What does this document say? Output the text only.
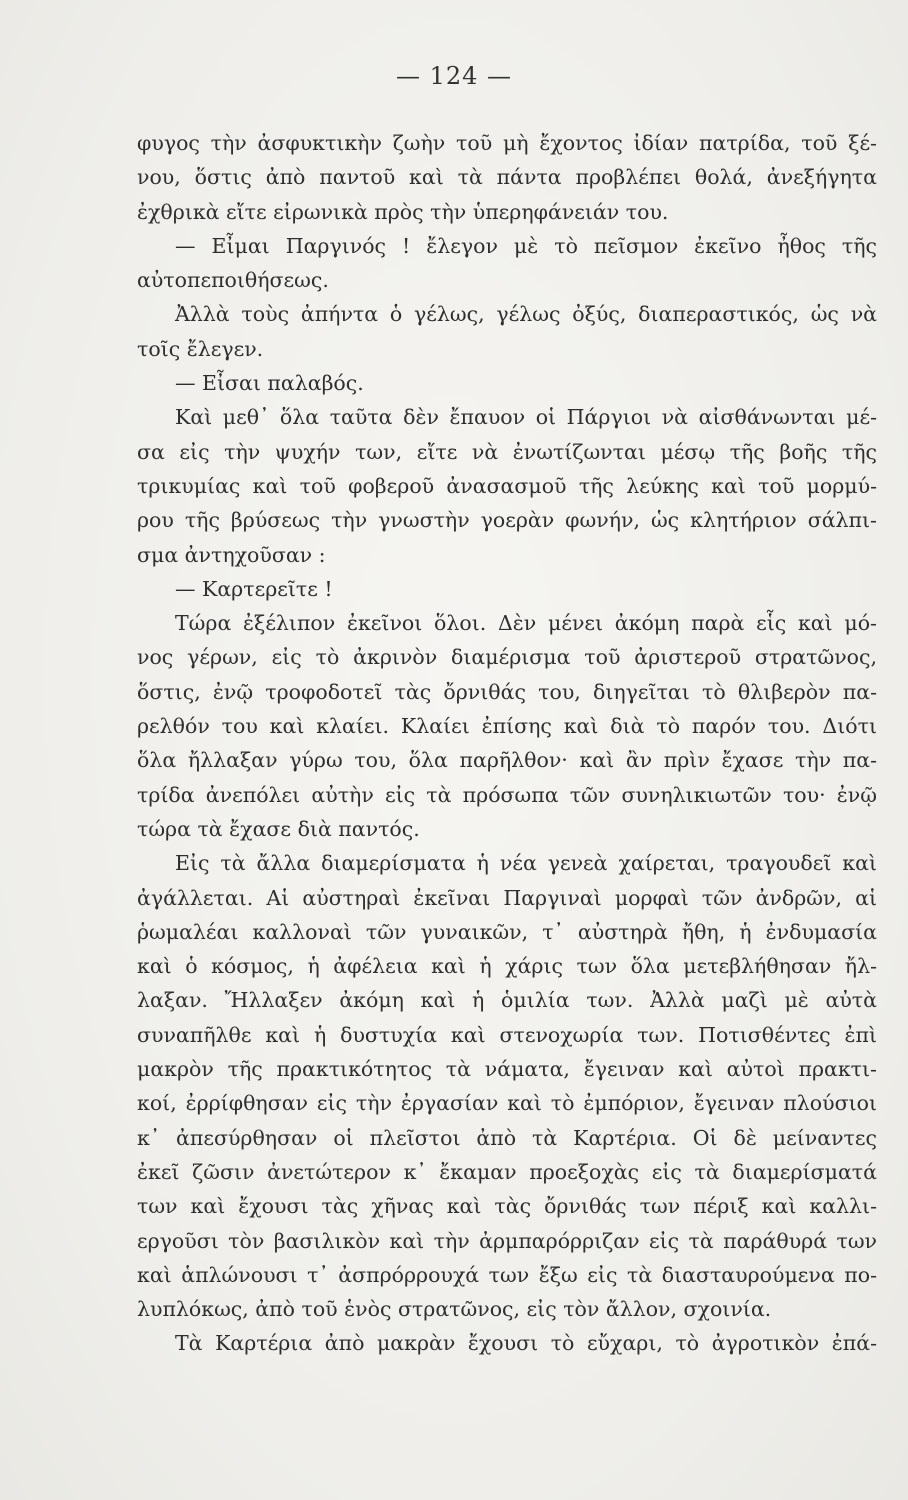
— 124 —
φυγος τὴν ἀσφυκτικὴν ζωὴν τοῦ μὴ ἔχοντος ἰδίαν πατρίδα, τοῦ ξέ-
νου, ὅστις ἀπὸ παντοῦ καὶ τὰ πάντα προβλέπει θολά, ἀνεξήγητα
ἐχθρικὰ εἴτε εἰρωνικὰ πρὸς τὴν ὑπερηφάνειάν του.
— Εἶμαι Παργινός ! ἔλεγον μὲ τὸ πεῖσμον ἐκεῖνο ἦθος τῆς
αὐτοπεποιθήσεως.
Ἀλλὰ τοὺς ἀπήντα ὁ γέλως, γέλως ὀξύς, διαπεραστικός, ὡς νὰ
τοῖς ἔλεγεν.
— Εἶσαι παλαβός.
Καὶ μεθ᾿ ὅλα ταῦτα δὲν ἔπαυον οἱ Πάργιοι νὰ αἰσθάνωνται μέ-
σα εἰς τὴν ψυχήν των, εἴτε νὰ ἐνωτίζωνται μέσῳ τῆς βοῆς τῆς
τρικυμίας καὶ τοῦ φοβεροῦ ἀνασασμοῦ τῆς λεύκης καὶ τοῦ μορμύ-
ρου τῆς βρύσεως τὴν γνωστὴν γοερὰν φωνήν, ὡς κλητήριον σάλπι-
σμα ἀντηχοῦσαν :
— Καρτερεῖτε !
Τώρα ἐξέλιπον ἐκεῖνοι ὅλοι. Δὲν μένει ἀκόμη παρὰ εἷς καὶ μό-
νος γέρων, εἰς τὸ ἀκρινὸν διαμέρισμα τοῦ ἀριστεροῦ στρατῶνος,
ὅστις, ἐνῷ τροφοδοτεῖ τὰς ὄρνιθάς του, διηγεῖται τὸ θλιβερὸν πα-
ρελθόν του καὶ κλαίει. Κλαίει ἐπίσης καὶ διὰ τὸ παρόν του. Διότι
ὅλα ἤλλαξαν γύρω του, ὅλα παρῆλθον· καὶ ἂν πρὶν ἔχασε τὴν πα-
τρίδα ἀνεπόλει αὐτὴν εἰς τὰ πρόσωπα τῶν συνηλικιωτῶν του· ἐνῷ
τώρα τὰ ἔχασε διὰ παντός.
Εἰς τὰ ἄλλα διαμερίσματα ἡ νέα γενεὰ χαίρεται, τραγουδεῖ καὶ
ἀγάλλεται. Αἱ αὐστηραὶ ἐκεῖναι Παργιναὶ μορφαὶ τῶν ἀνδρῶν, αἱ
ῥωμαλέαι καλλοναὶ τῶν γυναικῶν, τ᾿ αὐστηρὰ ἤθη, ἡ ἐνδυμασία
καὶ ὁ κόσμος, ἡ ἀφέλεια καὶ ἡ χάρις των ὅλα μετεβλήθησαν ἤλ-
λαξαν. Ἤλλαξεν ἀκόμη καὶ ἡ ὁμιλία των. Ἀλλὰ μαζὶ μὲ αὐτὰ
συναπῆλθε καὶ ἡ δυστυχία καὶ στενοχωρία των. Ποτισθέντες ἐπὶ
μακρὸν τῆς πρακτικότητος τὰ νάματα, ἔγειναν καὶ αὐτοὶ πρακτι-
κοί, ἐρρίφθησαν εἰς τὴν ἐργασίαν καὶ τὸ ἐμπόριον, ἔγειναν πλούσιοι
κ᾿ ἀπεσύρθησαν οἱ πλεῖστοι ἀπὸ τὰ Καρτέρια. Οἱ δὲ μείναντες
ἐκεῖ ζῶσιν ἀνετώτερον κ᾿ ἔκαμαν προεξοχὰς εἰς τὰ διαμερίσματά
των καὶ ἔχουσι τὰς χῆνας καὶ τὰς ὄρνιθάς των πέριξ καὶ καλλι-
εργοῦσι τὸν βασιλικὸν καὶ τὴν ἀρμπαρόρριζαν εἰς τὰ παράθυρά των
καὶ ἁπλώνουσι τ᾿ ἀσπρόρρουχά των ἔξω εἰς τὰ διασταυρούμενα πο-
λυπλόκως, ἀπὸ τοῦ ἑνὸς στρατῶνος, εἰς τὸν ἄλλον, σχοινία.
Τὰ Καρτέρια ἀπὸ μακρὰν ἔχουσι τὸ εὔχαρι, τὸ ἀγροτικὸν ἐπά-
